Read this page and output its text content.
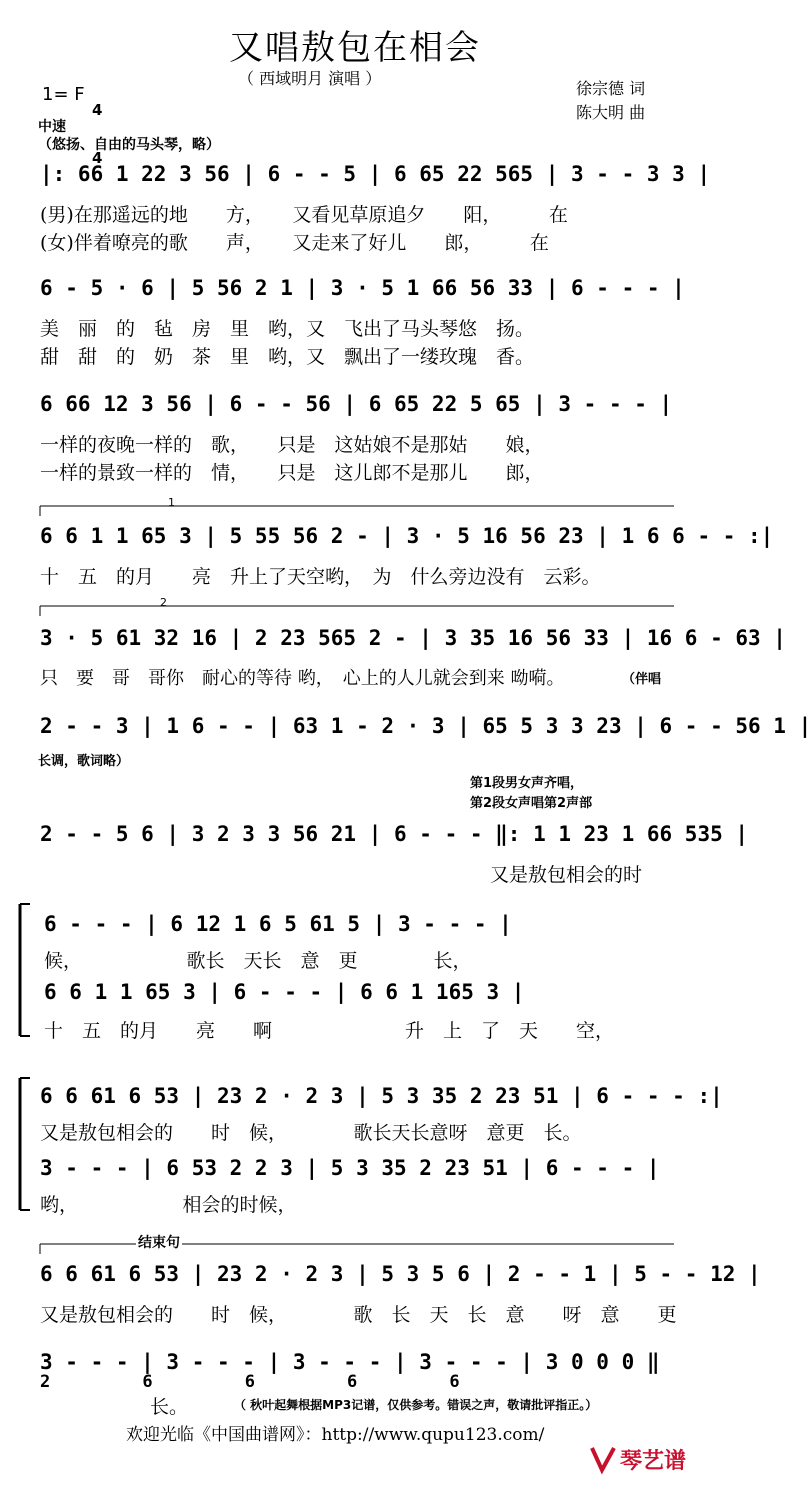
又唱敖包在相会
（ 西域明月 演唱 ）
1= F

4

4

徐宗德 词
陈大明 曲
中速
（悠扬、自由的马头琴，略）
|: 66 1 22 3 56 | 6 - - 5 | 6 65 22 565 | 3 - - 3 3 |
(男)在那遥远的地　　方，　　又看见草原追夕　　阳，　　　在
(女)伴着嘹亮的歌　　声，　　又走来了好儿　　郎，　　　在
6 - 5 · 6 | 5 56 2 1 | 3 · 5 1 66 56 33 | 6 - - - |
美　丽　的　毡　房　里　哟，又　飞出了马头琴悠　扬。
甜　甜　的　奶　茶　里　哟，又　飘出了一缕玫瑰　香。
6 66 12 3 56 | 6 - - 56 | 6 65 22 5 65 | 3 - - - |
一样的夜晚一样的　歌，　　只是　这姑娘不是那姑　　娘，
一样的景致一样的　情，　　只是　这儿郎不是那儿　　郎，
1
6 6 1 1 65 3 | 5 55 56 2 - | 3 · 5 16 56 23 | 1 6 6 - - :|
十　五　的月　　亮　升上了天空哟，　为　什么旁边没有　云彩。
2
3 · 5 61 32 16 | 2 23 565 2 - | 3 35 16 56 33 | 16 6 - 63 |
只　要　哥　哥你　耐心的等待 哟，　心上的人儿就会到来 呦嗬。	（伴唱
2 - - 3 | 1 6 - - | 63 1 - 2 · 3 | 65 5 3 3 23 | 6 - - 56 1 |
长调，歌词略）
第1段男女声齐唱，
第2段女声唱第2声部
2 - - 5 6 | 3 2 3 3 56 21 | 6 - - - ‖: 1 1 23 1 66 535 |
又是敖包相会的时
6 - - - | 6 12 1 6 5 61 5 | 3 - - - |
候，　　　　　　歌长　天长　意　更　　　　长，
6 6 1 1 65 3 | 6 - - - | 6 6 1 165 3 |
十　五　的月　　亮　　啊　　　　　　　升　上　了　天　　空，
6 6 61 6 53 | 23 2 · 2 3 | 5 3 35 2 23 51 | 6 - - - :|
又是敖包相会的　　时　候，　　　　歌长天长意呀　意更　长。
3 - - - | 6 53 2 2 3 | 5 3 35 2 23 51 | 6 - - - |
哟，　　　　　　相会的时候，
结束句
6 6 61 6 53 | 23 2 · 2 3 | 5 3 5 6 | 2 - - 1 | 5 - - 12 |
又是敖包相会的　　时　候，　　　　歌　长　天　长　意　　呀　意　　更
3 - - - | 3 - - - | 3 - - - | 3 - - - | 3 0 0 0 ‖
2         6         6         6         6
长。	（ 秋叶起舞根据MP3记谱，仅供参考。错误之声，敬请批评指正。）
欢迎光临《中国曲谱网》：http://www.qupu123.com/

琴艺谱
